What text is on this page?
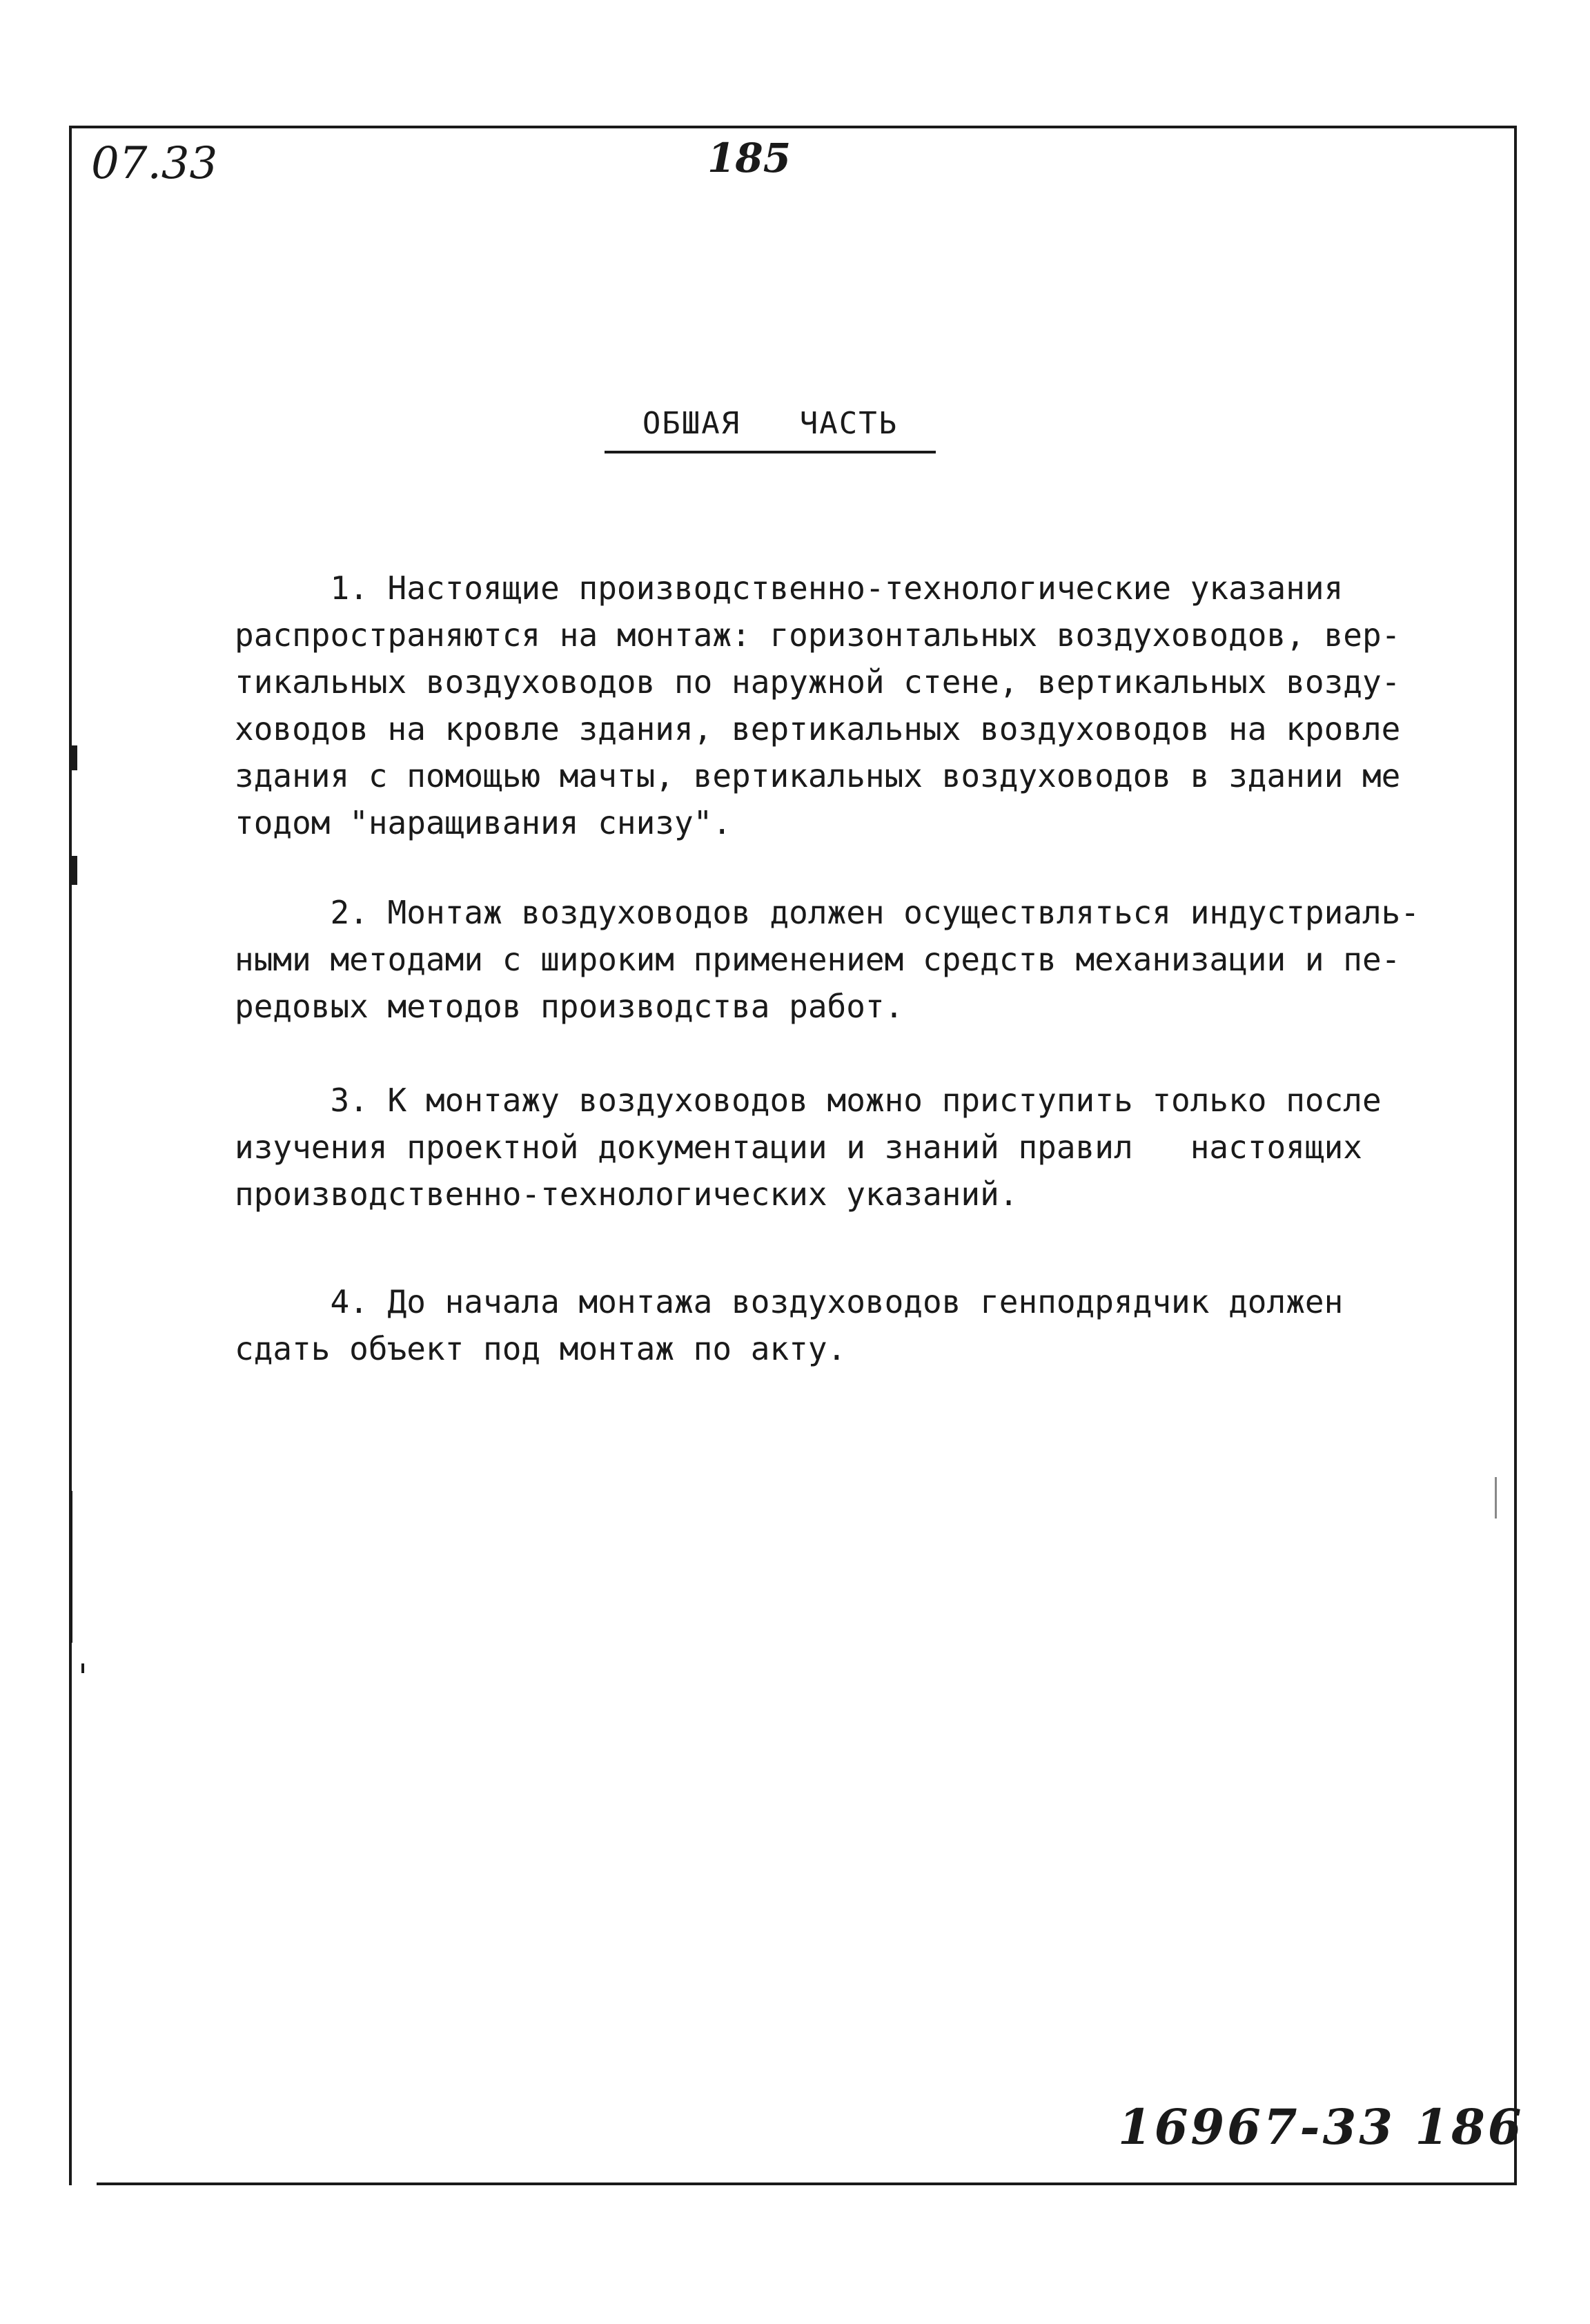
07.33	185
ОБШАЯ   ЧАСТЬ

1. Настоящие производственно-технологические указания
распространяются на монтаж: горизонтальных воздуховодов, вер-
тикальных воздуховодов по наружной стене, вертикальных возду-
ховодов на кровле здания, вертикальных воздуховодов на кровле
здания с помощью мачты, вертикальных воздуховодов в здании ме
тодом "наращивания снизу".

2. Монтаж воздуховодов должен осуществляться индустриаль-
ными методами с широким применением средств механизации и пе-
редовых методов производства работ.

3. К монтажу воздуховодов можно приступить только после
изучения проектной документации и знаний правил   настоящих
производственно-технологических указаний.

4. До начала монтажа воздуховодов генподрядчик должен
сдать объект под монтаж по акту.

16967-33 186
